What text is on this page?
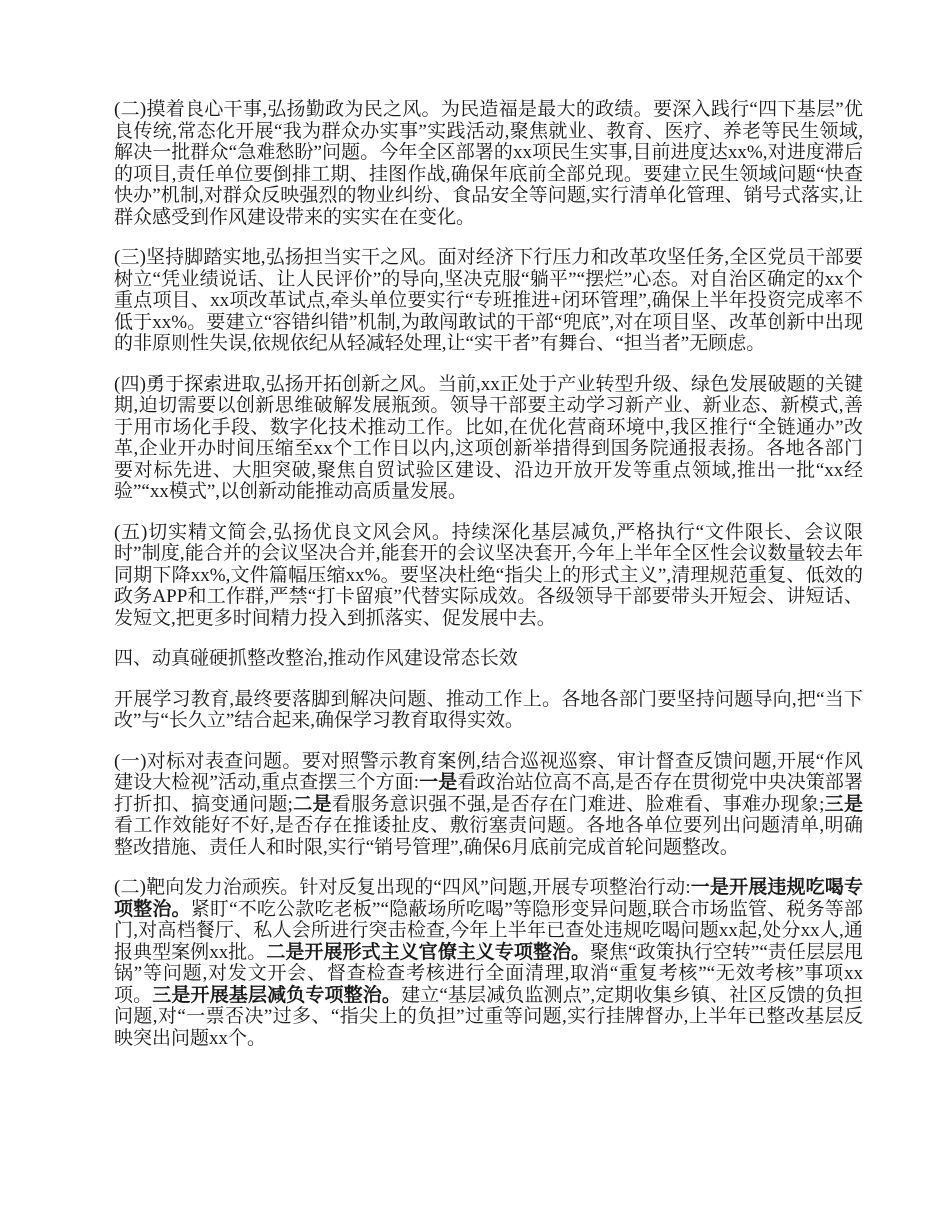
(二)摸着良心干事,弘扬勤政为民之风。为民造福是最大的政绩。要深入践行“四下基层”优良传统,常态化开展“我为群众办实事”实践活动,聚焦就业、教育、医疗、养老等民生领域,解决一批群众“急难愁盼”问题。今年全区部署的xx项民生实事,目前进度达xx%,对进度滞后的项目,责任单位要倒排工期、挂图作战,确保年底前全部兑现。要建立民生领域问题“快查快办”机制,对群众反映强烈的物业纠纷、食品安全等问题,实行清单化管理、销号式落实,让群众感受到作风建设带来的实实在在变化。

(三)坚持脚踏实地,弘扬担当实干之风。面对经济下行压力和改革攻坚任务,全区党员干部要树立“凭业绩说话、让人民评价”的导向,坚决克服“躺平”“摆烂”心态。对自治区确定的xx个重点项目、xx项改革试点,牵头单位要实行“专班推进+闭环管理”,确保上半年投资完成率不低于xx%。要建立“容错纠错”机制,为敢闯敢试的干部“兜底”,对在项目坚、改革创新中出现的非原则性失误,依规依纪从轻减轻处理,让“实干者”有舞台、“担当者”无顾虑。

(四)勇于探索进取,弘扬开拓创新之风。当前,xx正处于产业转型升级、绿色发展破题的关键期,迫切需要以创新思维破解发展瓶颈。领导干部要主动学习新产业、新业态、新模式,善于用市场化手段、数字化技术推动工作。比如,在优化营商环境中,我区推行“全链通办”改革,企业开办时间压缩至xx个工作日以内,这项创新举措得到国务院通报表扬。各地各部门要对标先进、大胆突破,聚焦自贸试验区建设、沿边开放开发等重点领域,推出一批“xx经验”“xx模式”,以创新动能推动高质量发展。

(五)切实精文简会,弘扬优良文风会风。持续深化基层减负,严格执行“文件限长、会议限时”制度,能合并的会议坚决合并,能套开的会议坚决套开,今年上半年全区性会议数量较去年同期下降xx%,文件篇幅压缩xx%。要坚决杜绝“指尖上的形式主义”,清理规范重复、低效的政务APP和工作群,严禁“打卡留痕”代替实际成效。各级领导干部要带头开短会、讲短话、发短文,把更多时间精力投入到抓落实、促发展中去。

四、动真碰硬抓整改整治,推动作风建设常态长效

开展学习教育,最终要落脚到解决问题、推动工作上。各地各部门要坚持问题导向,把“当下改”与“长久立”结合起来,确保学习教育取得实效。

(一)对标对表查问题。要对照警示教育案例,结合巡视巡察、审计督查反馈问题,开展“作风建设大检视”活动,重点查摆三个方面:一是看政治站位高不高,是否存在贯彻党中央决策部署打折扣、搞变通问题;二是看服务意识强不强,是否存在门难进、脸难看、事难办现象;三是看工作效能好不好,是否存在推诿扯皮、敷衍塞责问题。各地各单位要列出问题清单,明确整改措施、责任人和时限,实行“销号管理”,确保6月底前完成首轮问题整改。

(二)靶向发力治顽疾。针对反复出现的“四风”问题,开展专项整治行动:一是开展违规吃喝专项整治。紧盯“不吃公款吃老板”“隐蔽场所吃喝”等隐形变异问题,联合市场监管、税务等部门,对高档餐厅、私人会所进行突击检查,今年上半年已查处违规吃喝问题xx起,处分xx人,通报典型案例xx批。二是开展形式主义官僚主义专项整治。聚焦“政策执行空转”“责任层层甩锅”等问题,对发文开会、督查检查考核进行全面清理,取消“重复考核”“无效考核”事项xx项。三是开展基层减负专项整治。建立“基层减负监测点”,定期收集乡镇、社区反馈的负担问题,对“一票否决”过多、“指尖上的负担”过重等问题,实行挂牌督办,上半年已整改基层反映突出问题xx个。
